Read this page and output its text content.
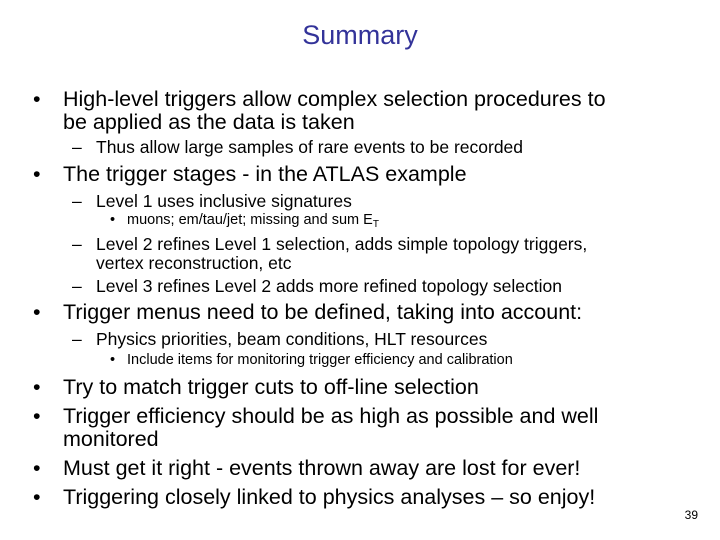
Summary
• High-level triggers allow complex selection procedures to
be applied as the data is taken
– Thus allow large samples of rare events to be recorded
• The trigger stages - in the ATLAS example
– Level 1 uses inclusive signatures
• muons; em/tau/jet; missing and sum $E_T$
– Level 2 refines Level 1 selection, adds simple topology triggers,
vertex reconstruction, etc
– Level 3 refines Level 2 adds more refined topology selection
• Trigger menus need to be defined, taking into account:
– Physics priorities, beam conditions, HLT resources
• Include items for monitoring trigger efficiency and calibration
• Try to match trigger cuts to off-line selection
• Trigger efficiency should be as high as possible and well
monitored
• Must get it right - events thrown away are lost for ever!
• Triggering closely linked to physics analyses – so enjoy!
39
